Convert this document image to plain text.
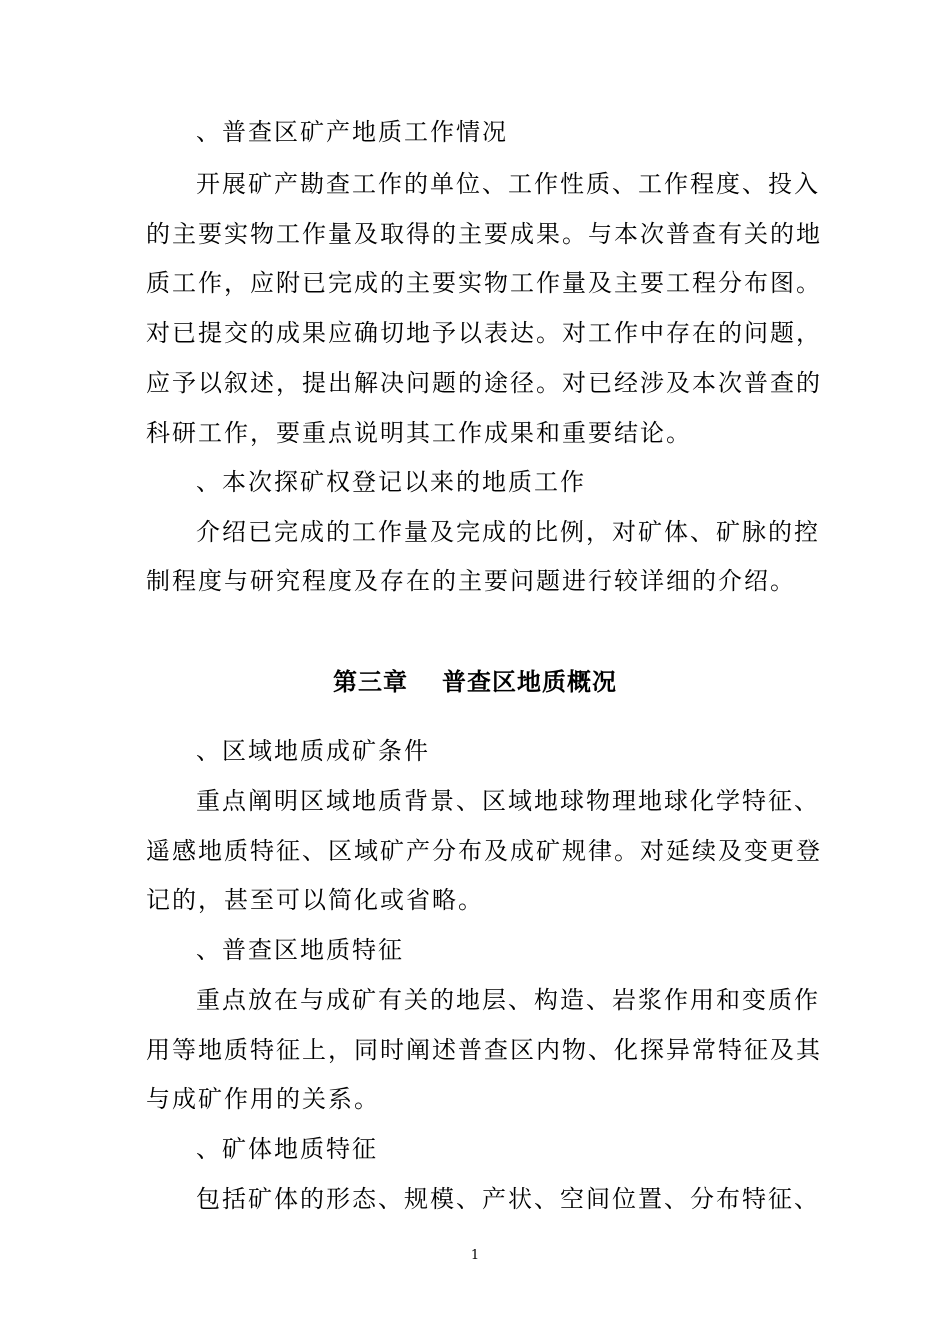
、普查区矿产地质工作情况
开展矿产勘查工作的单位、工作性质、工作程度、投入
的主要实物工作量及取得的主要成果。与本次普查有关的地
质工作，应附已完成的主要实物工作量及主要工程分布图。
对已提交的成果应确切地予以表达。对工作中存在的问题，
应予以叙述，提出解决问题的途径。对已经涉及本次普查的
科研工作，要重点说明其工作成果和重要结论。
、本次探矿权登记以来的地质工作
介绍已完成的工作量及完成的比例，对矿体、矿脉的控
制程度与研究程度及存在的主要问题进行较详细的介绍。
第三章 普查区地质概况
、区域地质成矿条件
重点阐明区域地质背景、区域地球物理地球化学特征、
遥感地质特征、区域矿产分布及成矿规律。对延续及变更登
记的，甚至可以简化或省略。
、普查区地质特征
重点放在与成矿有关的地层、构造、岩浆作用和变质作
用等地质特征上，同时阐述普查区内物、化探异常特征及其
与成矿作用的关系。
、矿体地质特征
包括矿体的形态、规模、产状、空间位置、分布特征、
1
